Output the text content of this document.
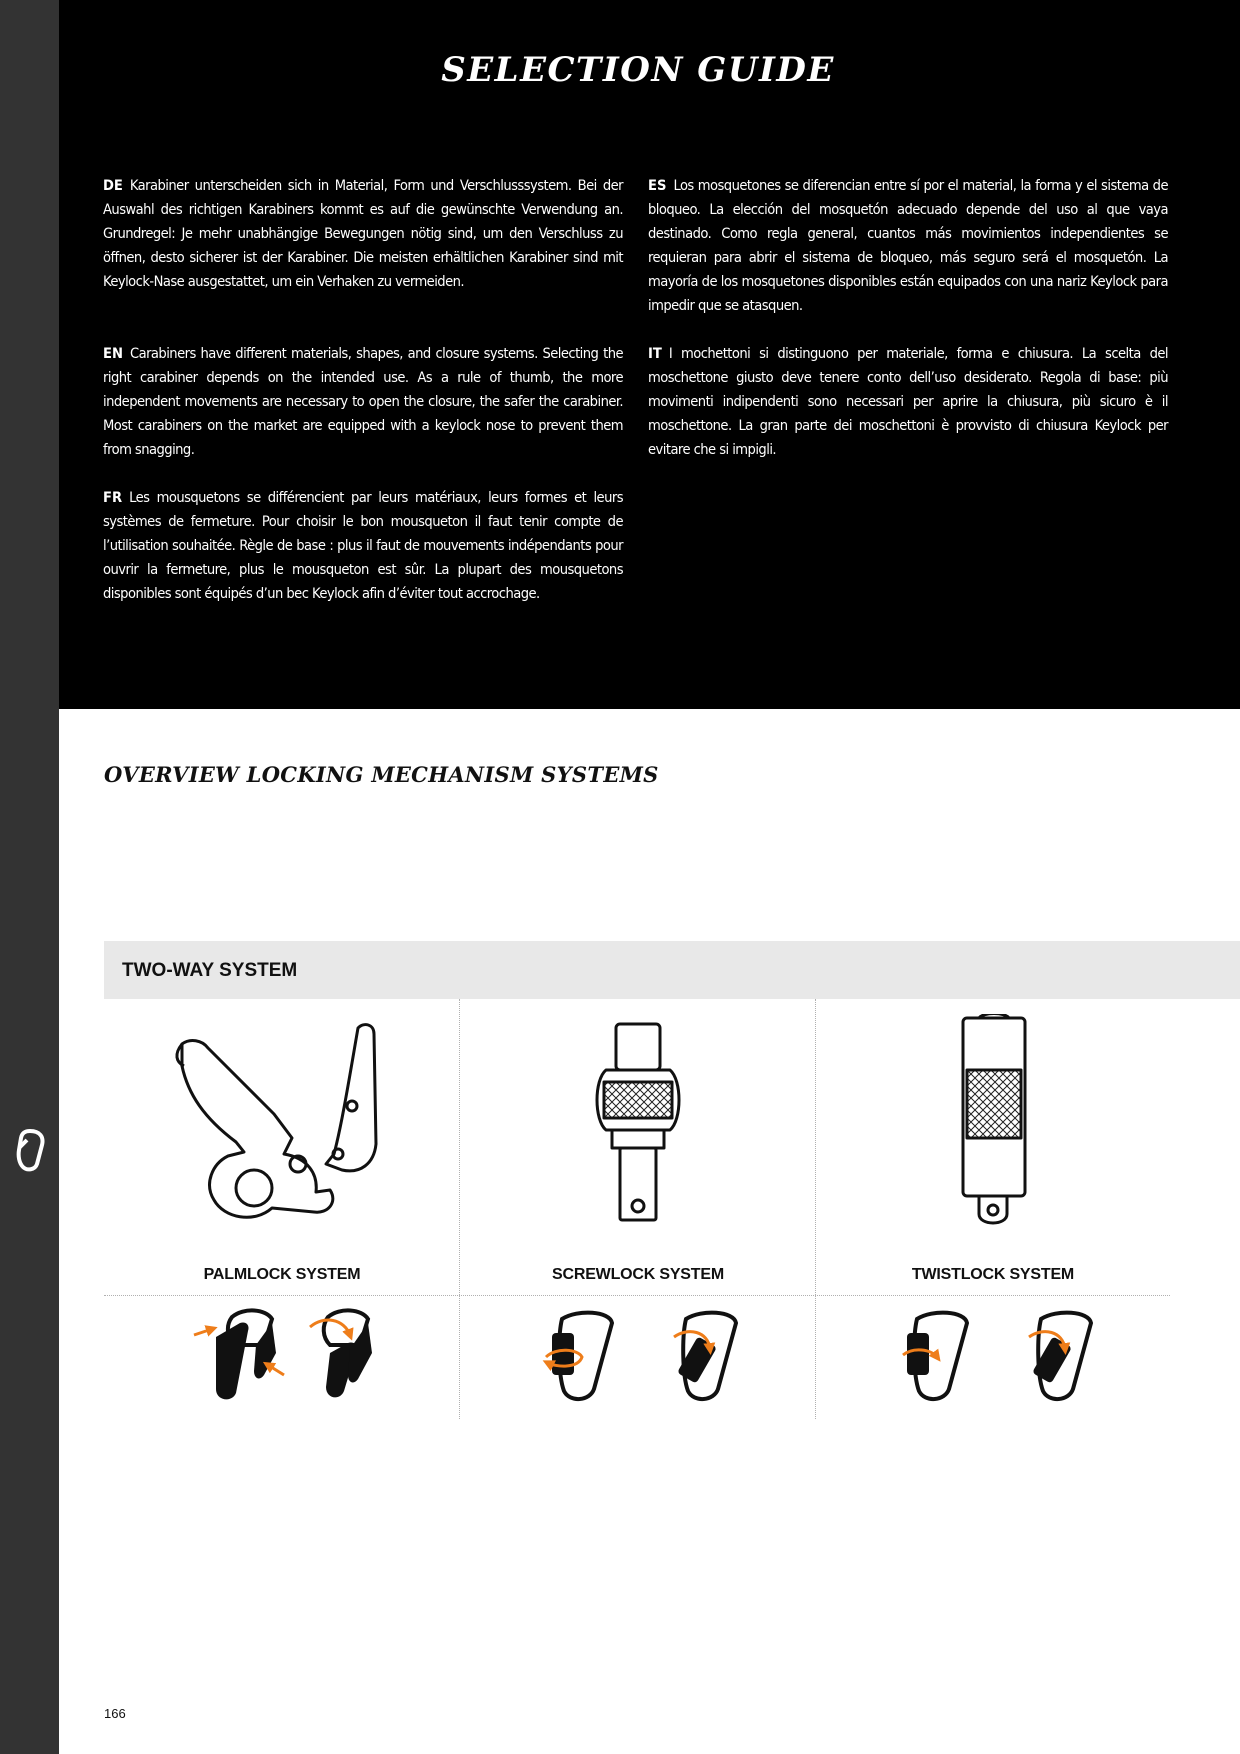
SELECTION GUIDE
DE Karabiner unterscheiden sich in Material, Form und Verschlusssystem. Bei der Auswahl des richtigen Karabiners kommt es auf die gewünschte Verwendung an. Grundregel: Je mehr unabhängige Bewegungen nötig sind, um den Verschluss zu öffnen, desto sicherer ist der Karabiner. Die meisten erhältlichen Karabiner sind mit Keylock-Nase ausgestattet, um ein Verhaken zu vermeiden.
EN Carabiners have different materials, shapes, and closure systems. Selecting the right carabiner depends on the intended use. As a rule of thumb, the more independent movements are necessary to open the closure, the safer the carabiner. Most carabiners on the market are equipped with a keylock nose to prevent them from snagging.
FR Les mousquetons se différencient par leurs matériaux, leurs formes et leurs systèmes de fermeture. Pour choisir le bon mousqueton il faut tenir compte de l’utilisation souhaitée. Règle de base : plus il faut de mouvements indépendants pour ouvrir la fermeture, plus le mousqueton est sûr. La plupart des mousquetons disponibles sont équipés d’un bec Keylock afin d’éviter tout accrochage.
ES Los mosquetones se diferencian entre sí por el material, la forma y el sistema de bloqueo. La elección del mosquetón adecuado depende del uso al que vaya destinado. Como regla general, cuantos más movimientos independientes se requieran para abrir el sistema de bloqueo, más seguro será el mosquetón. La mayoría de los mosquetones disponibles están equipados con una nariz Keylock para impedir que se atasquen.
IT I mochettoni si distinguono per materiale, forma e chiusura. La scelta del moschettone giusto deve tenere conto dell’uso desiderato. Regola di base: più movimenti indipendenti sono necessari per aprire la chiusura, più sicuro è il moschettone. La gran parte dei moschettoni è provvisto di chiusura Keylock per evitare che si impigli.
OVERVIEW LOCKING MECHANISM SYSTEMS
TWO-WAY SYSTEM
PALMLOCK SYSTEM	SCREWLOCK SYSTEM	TWISTLOCK SYSTEM
166
